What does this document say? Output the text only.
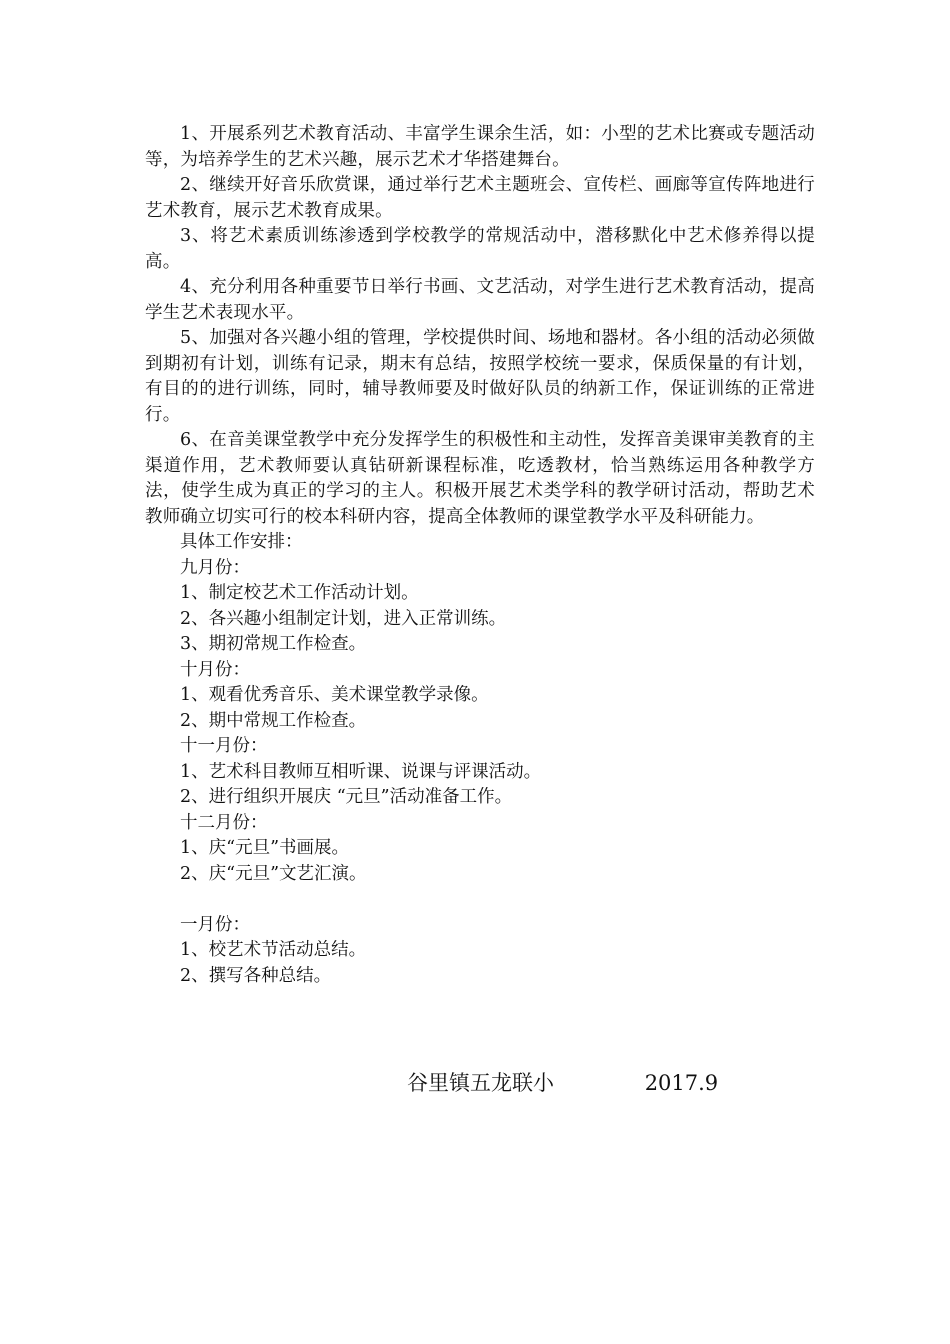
1、开展系列艺术教育活动、丰富学生课余生活，如：小型的艺术比赛或专题活动等，为培养学生的艺术兴趣，展示艺术才华搭建舞台。

2、继续开好音乐欣赏课，通过举行艺术主题班会、宣传栏、画廊等宣传阵地进行艺术教育，展示艺术教育成果。

3、将艺术素质训练渗透到学校教学的常规活动中，潜移默化中艺术修养得以提高。

4、充分利用各种重要节日举行书画、文艺活动，对学生进行艺术教育活动，提高学生艺术表现水平。

5、加强对各兴趣小组的管理，学校提供时间、场地和器材。各小组的活动必须做到期初有计划，训练有记录，期末有总结，按照学校统一要求，保质保量的有计划，有目的的进行训练，同时，辅导教师要及时做好队员的纳新工作，保证训练的正常进行。

6、在音美课堂教学中充分发挥学生的积极性和主动性，发挥音美课审美教育的主渠道作用，艺术教师要认真钻研新课程标准，吃透教材，恰当熟练运用各种教学方法，使学生成为真正的学习的主人。积极开展艺术类学科的教学研讨活动，帮助艺术教师确立切实可行的校本科研内容，提高全体教师的课堂教学水平及科研能力。

具体工作安排：

九月份：

1、制定校艺术工作活动计划。

2、各兴趣小组制定计划，进入正常训练。

3、期初常规工作检查。

十月份：

1、观看优秀音乐、美术课堂教学录像。

2、期中常规工作检查。

十一月份：

1、艺术科目教师互相听课、说课与评课活动。

2、进行组织开展庆 “元旦”活动准备工作。

十二月份：

1、庆“元旦”书画展。

2、庆“元旦”文艺汇演。

一月份：

1、校艺术节活动总结。

2、撰写各种总结。

谷里镇五龙联小	2017.9
